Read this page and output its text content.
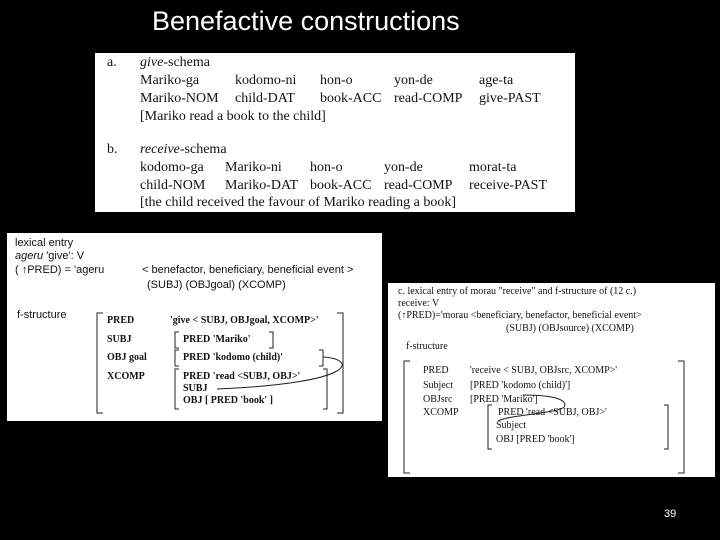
Benefactive constructions
a. give-schema
Mariko-ga	kodomo-ni hon-o	yon-de	age-ta
Mariko-NOM child-DAT book-ACC read-COMP give-PAST
[Mariko read a book to the child]
b. receive-schema
kodomo-ga Mariko-ni hon-o	yon-de	morat-ta
child-NOM Mariko-DAT book-ACC read-COMP receive-PAST
[the child received the favour of Mariko reading a book]
lexical entry
ageru 'give': V
( ↑PRED) = 'ageru	< benefactor, beneficiary, beneficial event >
(SUBJ) (OBJgoal) (XCOMP)
f-structure	PRED	'give < SUBJ, OBJgoal, XCOMP>'
SUBJ	PRED 'Mariko'
OBJ goal	PRED 'kodomo (child)'
XCOMP	PRED 'read <SUBJ, OBJ>'
SUBJ
OBJ [ PRED 'book' ]
c. lexical entry of morau "receive" and f-structure of (12 c.)
receive: V
(↑PRED)='morau <beneficiary, benefactor, beneficial event>
(SUBJ) (OBJsource) (XCOMP)
f-structure
PRED 'receive < SUBJ, OBJsrc, XCOMP>'
Subject [PRED 'kodomo (child)']
OBJsrc [PRED 'Mariko']
XCOMP	PRED 'read <SUBJ, OBJ>'
Subject
OBJ [PRED 'book']
39
